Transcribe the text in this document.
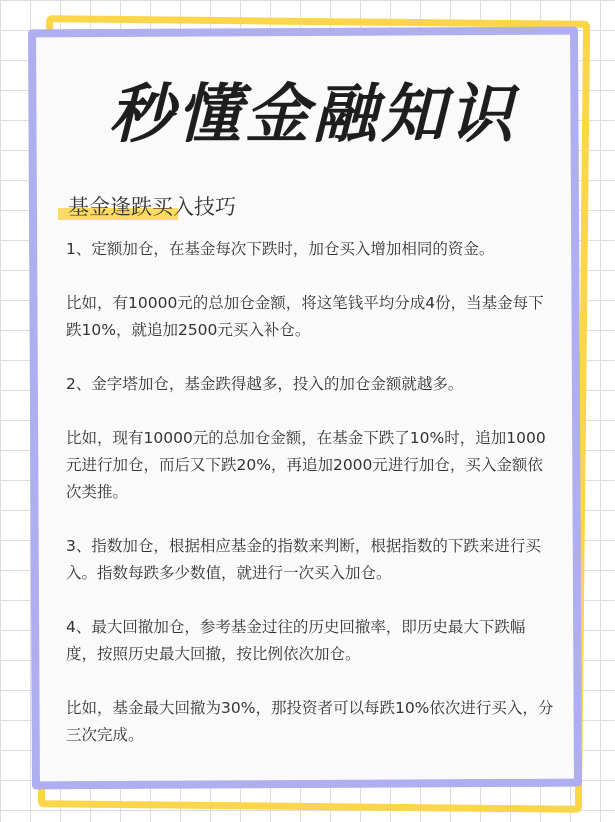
秒懂金融知识
基金逢跌买入技巧

1、定额加仓，在基金每次下跌时，加仓买入增加相同的资金。

比如，有10000元的总加仓金额，将这笔钱平均分成4份，当基金每下跌10%，就追加2500元买入补仓。

2、金字塔加仓，基金跌得越多，投入的加仓金额就越多。

比如，现有10000元的总加仓金额，在基金下跌了10%时，追加1000元进行加仓，而后又下跌20%，再追加2000元进行加仓，买入金额依次类推。

3、指数加仓，根据相应基金的指数来判断，根据指数的下跌来进行买入。指数每跌多少数值，就进行一次买入加仓。

4、最大回撤加仓，参考基金过往的历史回撤率，即历史最大下跌幅度，按照历史最大回撤，按比例依次加仓。

比如，基金最大回撤为30%，那投资者可以每跌10%依次进行买入，分三次完成。
